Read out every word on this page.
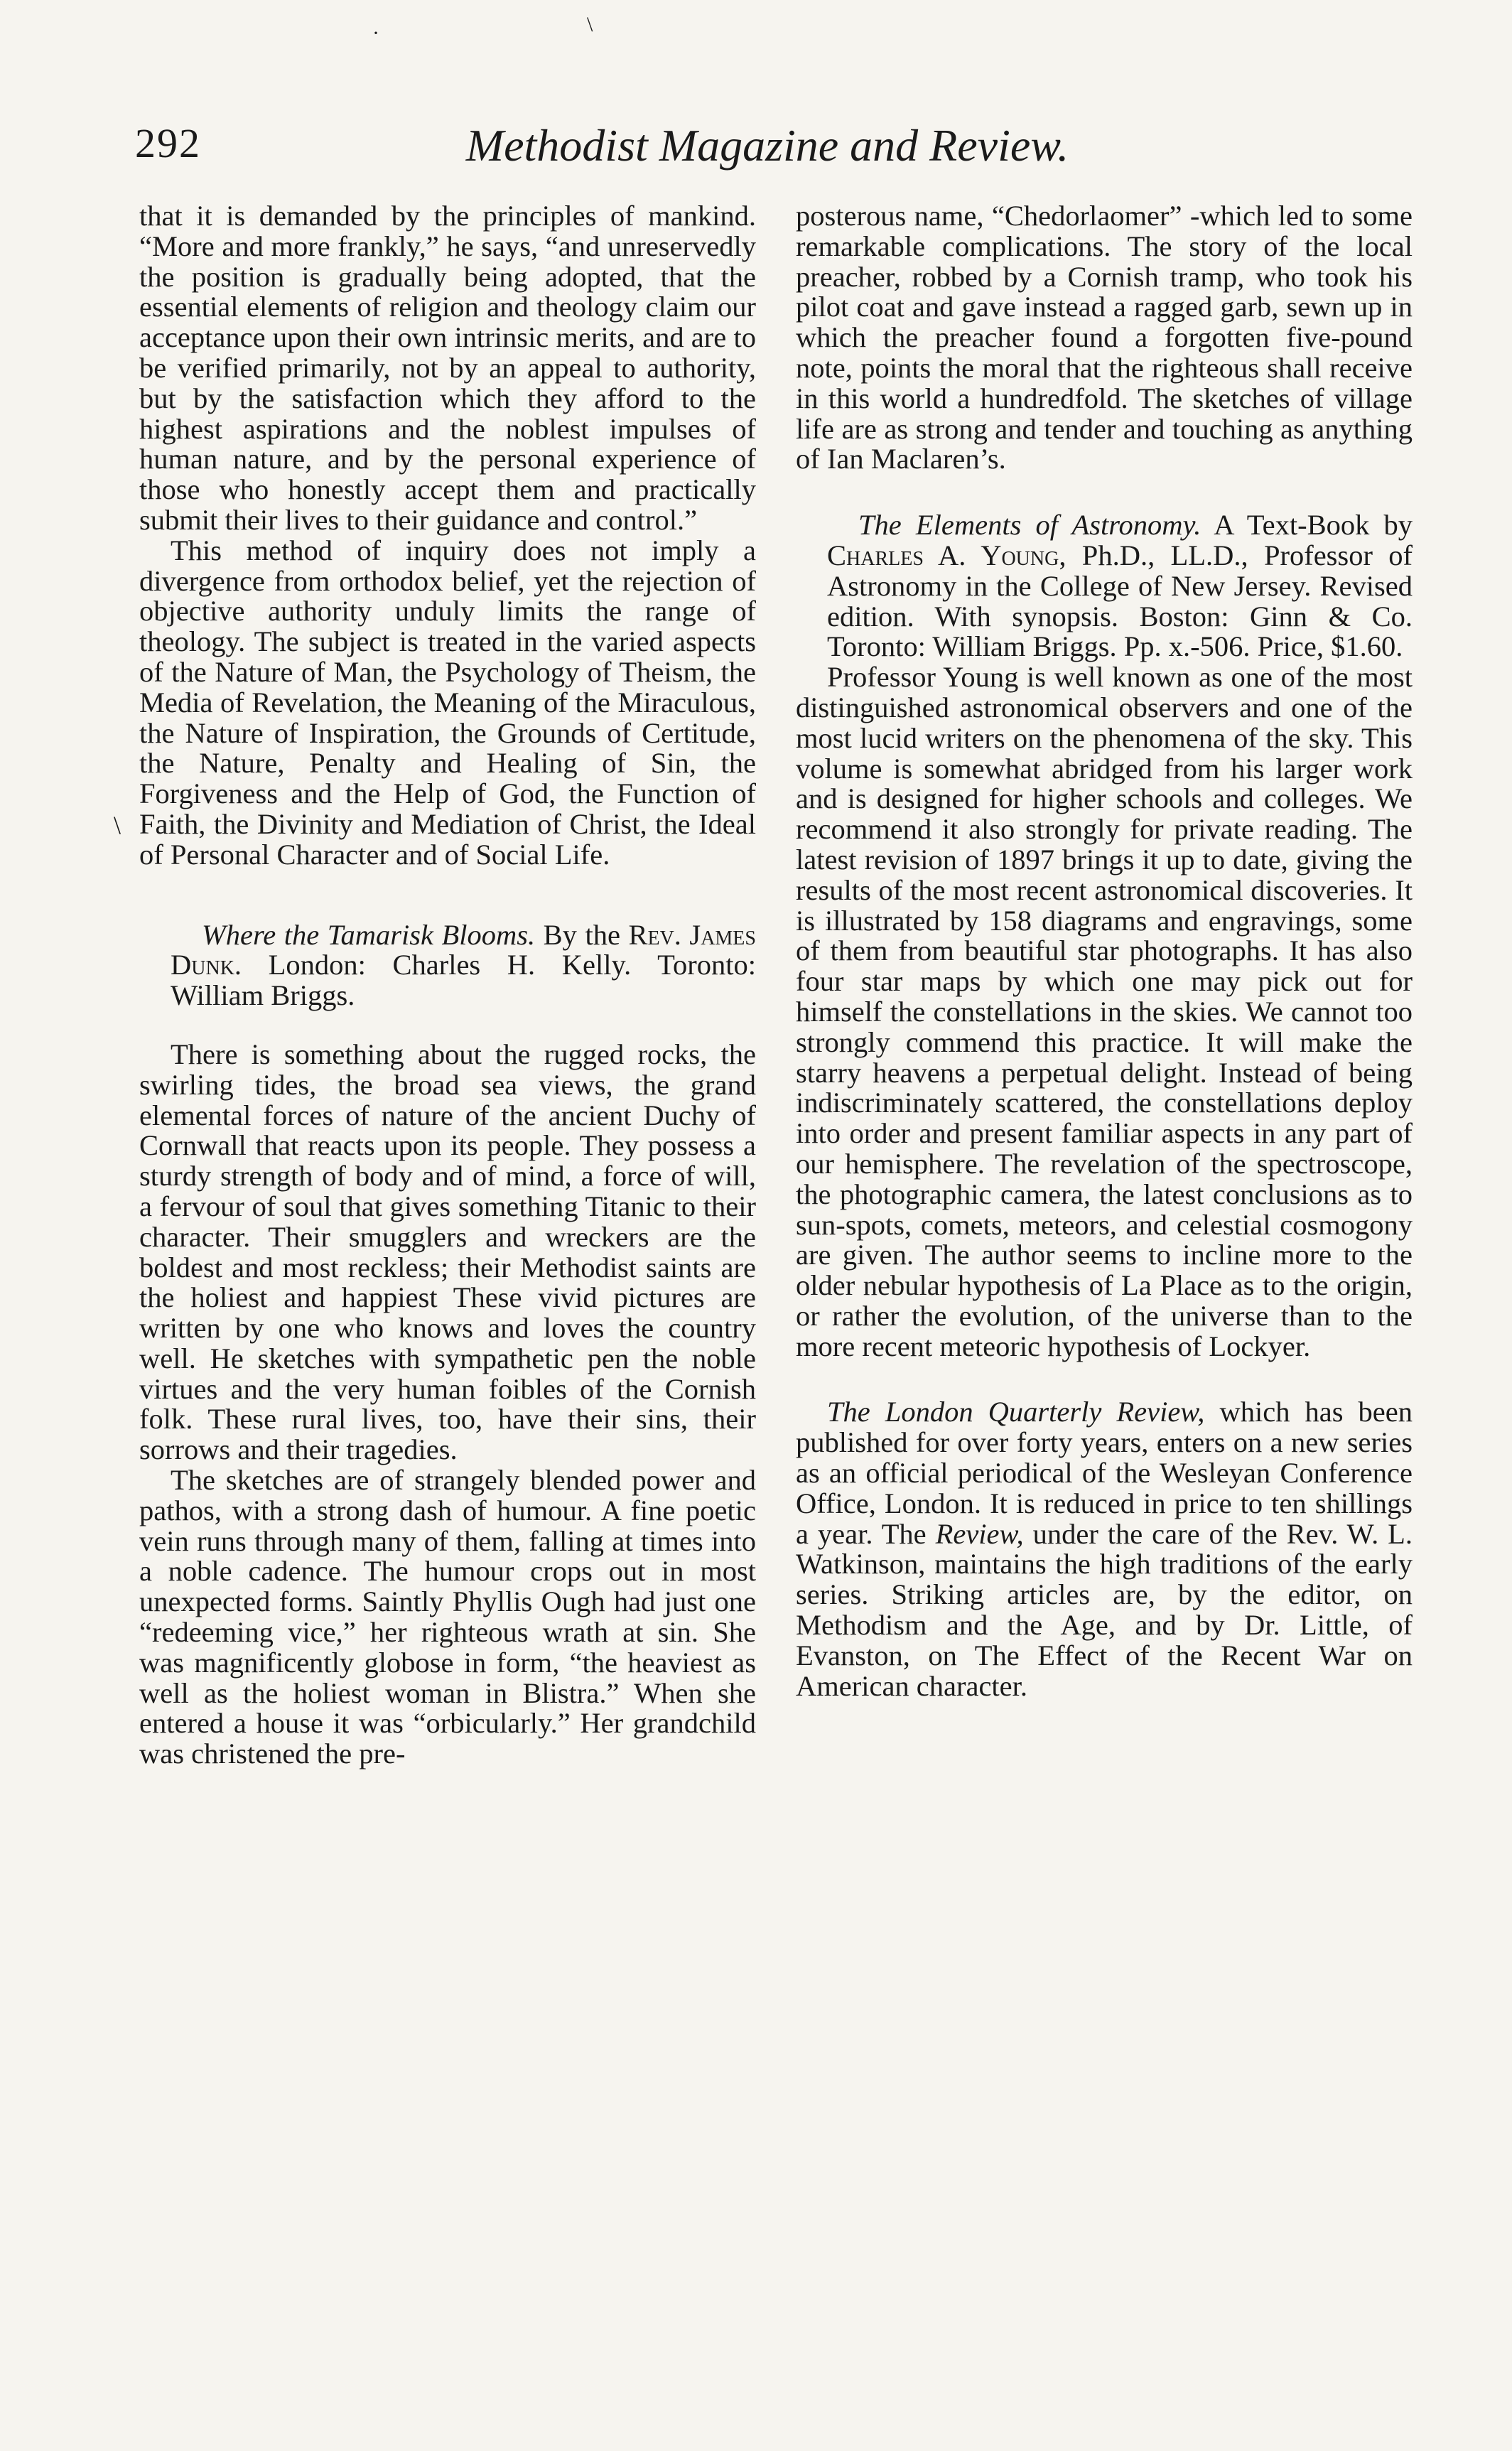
\
·
292	Methodist Magazine and Review.
\

that it is demanded by the principles of mankind. “More and more frankly,” he says, “and unreservedly the position is gradually being adopted, that the essential elements of religion and theology claim our acceptance upon their own intrinsic merits, and are to be verified primarily, not by an appeal to authority, but by the satisfaction which they afford to the highest aspirations and the noblest impulses of human nature, and by the personal experience of those who honestly accept them and practically submit their lives to their guidance and control.”

This method of inquiry does not imply a divergence from orthodox belief, yet the rejection of objective authority unduly limits the range of theology. The subject is treated in the varied aspects of the Nature of Man, the Psychology of Theism, the Media of Revelation, the Meaning of the Miraculous, the Nature of Inspiration, the Grounds of Certitude, the Nature, Penalty and Healing of Sin, the Forgiveness and the Help of God, the Function of Faith, the Divinity and Mediation of Christ, the Ideal of Personal Character and of Social Life.

Where the Tamarisk Blooms. By the Rev. James Dunk. London: Charles H. Kelly. Toronto: William Briggs.

There is something about the rugged rocks, the swirling tides, the broad sea views, the grand elemental forces of nature of the ancient Duchy of Cornwall that reacts upon its people. They possess a sturdy strength of body and of mind, a force of will, a fervour of soul that gives something Titanic to their character. Their smugglers and wreckers are the boldest and most reckless; their Methodist saints are the holiest and happiest These vivid pictures are written by one who knows and loves the country well. He sketches with sympathetic pen the noble virtues and the very human foibles of the Cornish folk. These rural lives, too, have their sins, their sorrows and their tragedies.

The sketches are of strangely blended power and pathos, with a strong dash of humour. A fine poetic vein runs through many of them, falling at times into a noble cadence. The humour crops out in most unexpected forms. Saintly Phyllis Ough had just one “redeeming vice,” her righteous wrath at sin. She was magnificently globose in form, “the heaviest as well as the holiest woman in Blistra.” When she entered a house it was “orbicularly.” Her grandchild was christened the pre-

posterous name, “Chedorlaomer” -which led to some remarkable complications. The story of the local preacher, robbed by a Cornish tramp, who took his pilot coat and gave instead a ragged garb, sewn up in which the preacher found a forgotten five-pound note, points the moral that the righteous shall receive in this world a hundredfold. The sketches of village life are as strong and tender and touching as anything of Ian Maclaren’s.

The Elements of Astronomy. A Text-Book by Charles A. Young, Ph.D., LL.D., Professor of Astronomy in the College of New Jersey. Revised edition. With synopsis. Boston: Ginn & Co. Toronto: William Briggs. Pp. x.-506. Price, $1.60.

Professor Young is well known as one of the most distinguished astronomical observers and one of the most lucid writers on the phenomena of the sky. This volume is somewhat abridged from his larger work and is designed for higher schools and colleges. We recommend it also strongly for private reading. The latest revision of 1897 brings it up to date, giving the results of the most recent astronomical discoveries. It is illustrated by 158 diagrams and engravings, some of them from beautiful star photographs. It has also four star maps by which one may pick out for himself the constellations in the skies. We cannot too strongly commend this practice. It will make the starry heavens a perpetual delight. Instead of being indiscriminately scattered, the constellations deploy into order and present familiar aspects in any part of our hemisphere. The revelation of the spectroscope, the photographic camera, the latest conclusions as to sun-spots, comets, meteors, and celestial cosmogony are given. The author seems to incline more to the older nebular hypothesis of La Place as to the origin, or rather the evolution, of the universe than to the more recent meteoric hypothesis of Lockyer.

The London Quarterly Review, which has been published for over forty years, enters on a new series as an official periodical of the Wesleyan Conference Office, London. It is reduced in price to ten shillings a year. The Review, under the care of the Rev. W. L. Watkinson, maintains the high traditions of the early series. Striking articles are, by the editor, on Methodism and the Age, and by Dr. Little, of Evanston, on The Effect of the Recent War on American character.
